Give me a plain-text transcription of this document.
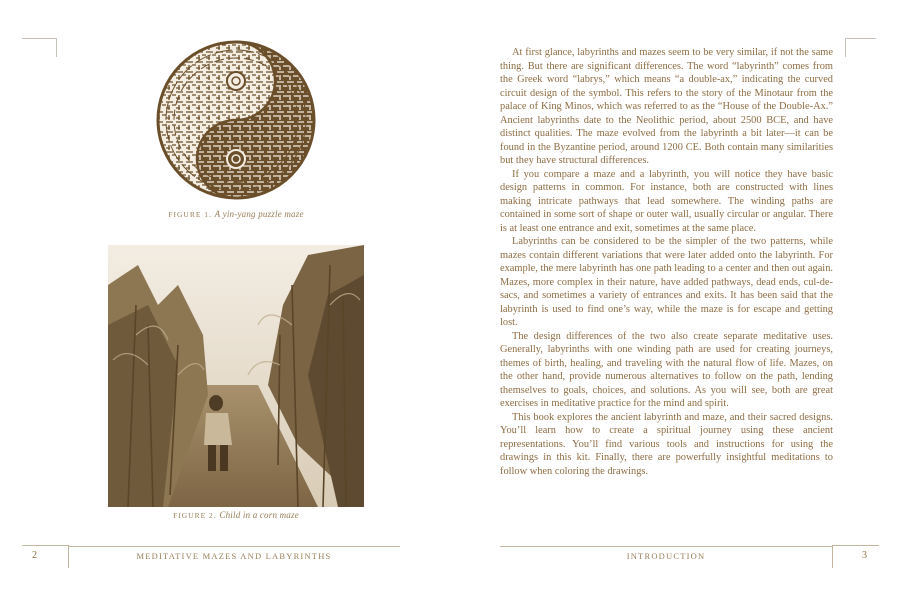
FIGURE 1. A yin-yang puzzle maze
FIGURE 2. Child in a corn maze

At first glance, labyrinths and mazes seem to be very similar, if not the same thing. But there are significant differences. The word “labyrinth” comes from the Greek word “labrys,” which means “a double-ax,” indicating the curved circuit design of the symbol. This refers to the story of the Minotaur from the palace of King Minos, which was referred to as the “House of the Double-Ax.” Ancient labyrinths date to the Neolithic period, about 2500 BCE, and have distinct qualities. The maze evolved from the labyrinth a bit later—it can be found in the Byzantine period, around 1200 CE. Both contain many similarities but they have structural differences.

If you compare a maze and a labyrinth, you will notice they have basic design patterns in common. For instance, both are constructed with lines making intricate pathways that lead somewhere. The winding paths are contained in some sort of shape or outer wall, usually circular or angular. There is at least one entrance and exit, sometimes at the same place.

Labyrinths can be considered to be the simpler of the two patterns, while mazes contain different variations that were later added onto the labyrinth. For example, the mere labyrinth has one path leading to a center and then out again. Mazes, more complex in their nature, have added pathways, dead ends, cul-de-sacs, and sometimes a variety of entrances and exits. It has been said that the labyrinth is used to find one’s way, while the maze is for escape and getting lost.

The design differences of the two also create separate meditative uses. Generally, labyrinths with one winding path are used for creating journeys, themes of birth, healing, and traveling with the natural flow of life. Mazes, on the other hand, provide numerous alternatives to follow on the path, lending themselves to goals, choices, and solutions. As you will see, both are great exercises in meditative practice for the mind and spirit.

This book explores the ancient labyrinth and maze, and their sacred designs. You’ll learn how to create a spiritual journey using these ancient representations. You’ll find various tools and instructions for using the drawings in this kit. Finally, there are powerfully insightful meditations to follow when coloring the drawings.

2	3
MEDITATIVE MAZES AND LABYRINTHS	INTRODUCTION
